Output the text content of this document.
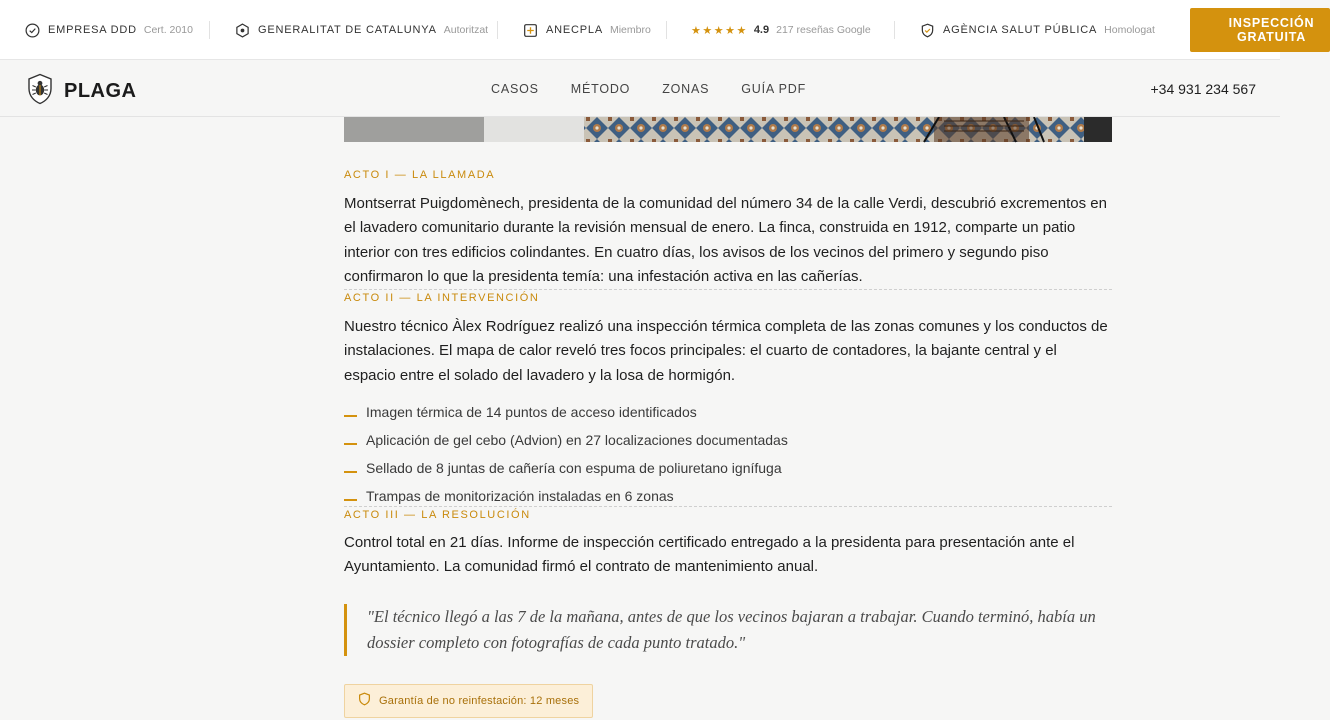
EMPRESA DDD Cert. 2010	GENERALITAT DE CATALUNYA Autoritzat	ANECPLA Miembro	★★★★★ 4.9 217 reseñas Google	AGÈNCIA SALUT PÚBLICA Homologat	INSPECCIÓN GRATUITA
PLAGA	CASOS	MÉTODO	ZONAS	GUÍA PDF	+34 931 234 567
ACTO I — LA LLAMADA

Montserrat Puigdomènech, presidenta de la comunidad del número 34 de la calle Verdi, descubrió excrementos en el lavadero comunitario durante la revisión mensual de enero. La finca, construida en 1912, comparte un patio interior con tres edificios colindantes. En cuatro días, los avisos de los vecinos del primero y segundo piso confirmaron lo que la presidenta temía: una infestación activa en las cañerías.

ACTO II — LA INTERVENCIÓN

Nuestro técnico Àlex Rodríguez realizó una inspección térmica completa de las zonas comunes y los conductos de instalaciones. El mapa de calor reveló tres focos principales: el cuarto de contadores, la bajante central y el espacio entre el solado del lavadero y la losa de hormigón.

Imagen térmica de 14 puntos de acceso identificados
Aplicación de gel cebo (Advion) en 27 localizaciones documentadas
Sellado de 8 juntas de cañería con espuma de poliuretano ignífuga
Trampas de monitorización instaladas en 6 zonas
ACTO III — LA RESOLUCIÓN

Control total en 21 días. Informe de inspección certificado entregado a la presidenta para presentación ante el Ayuntamiento. La comunidad firmó el contrato de mantenimiento anual.

"El técnico llegó a las 7 de la mañana, antes de que los vecinos bajaran a trabajar. Cuando terminó, había un dossier completo con fotografías de cada punto tratado."
Garantía de no reinfestación: 12 meses
